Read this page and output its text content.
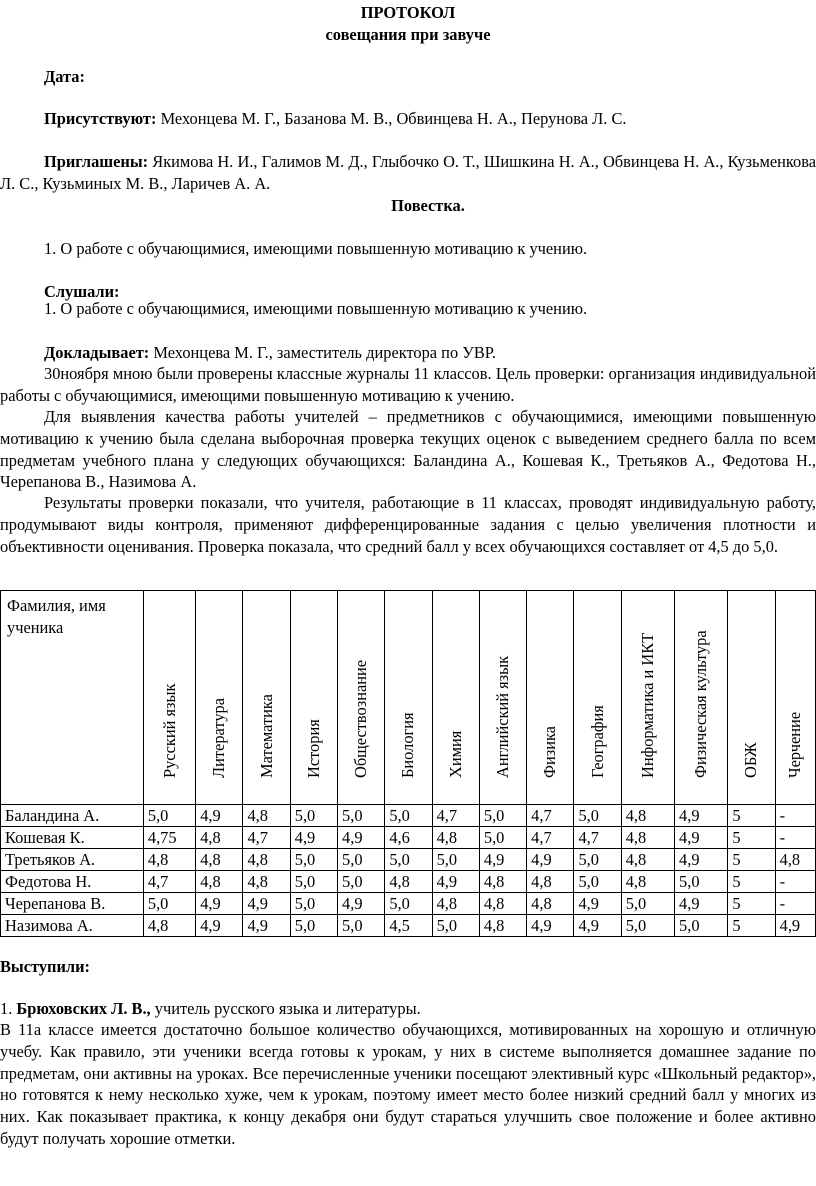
ПРОТОКОЛ
совещания при завуче
Дата:

Присутствуют: Мехонцева М. Г., Базанова М. В., Обвинцева Н. А., Перунова Л. С.

Приглашены: Якимова Н. И., Галимов М. Д., Глыбочко О. Т., Шишкина Н. А., Обвинцева Н. А., Кузьменкова Л. С., Кузьминых М. В., Ларичев А. А.

Повестка.

1. О работе с обучающимися, имеющими повышенную мотивацию к учению.

Слушали:

1. О работе с обучающимися, имеющими повышенную мотивацию к учению.

Докладывает: Мехонцева М. Г., заместитель директора по УВР.

30ноября мною были проверены классные журналы 11 классов. Цель проверки: организация индивидуальной работы с обучающимися, имеющими повышенную мотивацию к учению.

Для выявления качества работы учителей – предметников с обучающимися, имеющими повышенную мотивацию к учению была сделана выборочная проверка текущих оценок с выведением среднего балла по всем предметам учебного плана у следующих обучающихся: Баландина А., Кошевая К., Третьяков А., Федотова Н., Черепанова В., Назимова А.

Результаты проверки показали, что учителя, работающие в 11 классах, проводят индивидуальную работу, продумывают виды контроля, применяют дифференцированные задания с целью увеличения плотности и объективности оценивания. Проверка показала, что средний балл у всех обучающихся составляет от 4,5 до 5,0.

Фамилия, имя ученика	Русский язык	Литература	Математика	История	Обществознание	Биология	Химия	Английский язык	Физика	География	Информатика и ИКТ	Физическая культура	ОБЖ	Черчение

Баландина А.	5,0	4,9	4,8	5,0	5,0	5,0	4,7	5,0	4,7	5,0	4,8	4,9	5	-
Кошевая К.	4,75	4,8	4,7	4,9	4,9	4,6	4,8	5,0	4,7	4,7	4,8	4,9	5	-
Третьяков А.	4,8	4,8	4,8	5,0	5,0	5,0	5,0	4,9	4,9	5,0	4,8	4,9	5	4,8
Федотова Н.	4,7	4,8	4,8	5,0	5,0	4,8	4,9	4,8	4,8	5,0	4,8	5,0	5	-
Черепанова В.	5,0	4,9	4,9	5,0	4,9	5,0	4,8	4,8	4,8	4,9	5,0	4,9	5	-
Назимова А.	4,8	4,9	4,9	5,0	5,0	4,5	5,0	4,8	4,9	4,9	5,0	5,0	5	4,9

Выступили:

1. Брюховских Л. В., учитель русского языка и литературы.

В 11а классе имеется достаточно большое количество обучающихся, мотивированных на хорошую и отличную учебу. Как правило, эти ученики всегда готовы к урокам, у них в системе выполняется домашнее задание по предметам, они активны на уроках. Все перечисленные ученики посещают элективный курс «Школьный редактор», но готовятся к нему несколько хуже, чем к урокам, поэтому имеет место более низкий средний балл у многих из них. Как показывает практика, к концу декабря они будут стараться улучшить свое положение и более активно будут получать хорошие отметки.
